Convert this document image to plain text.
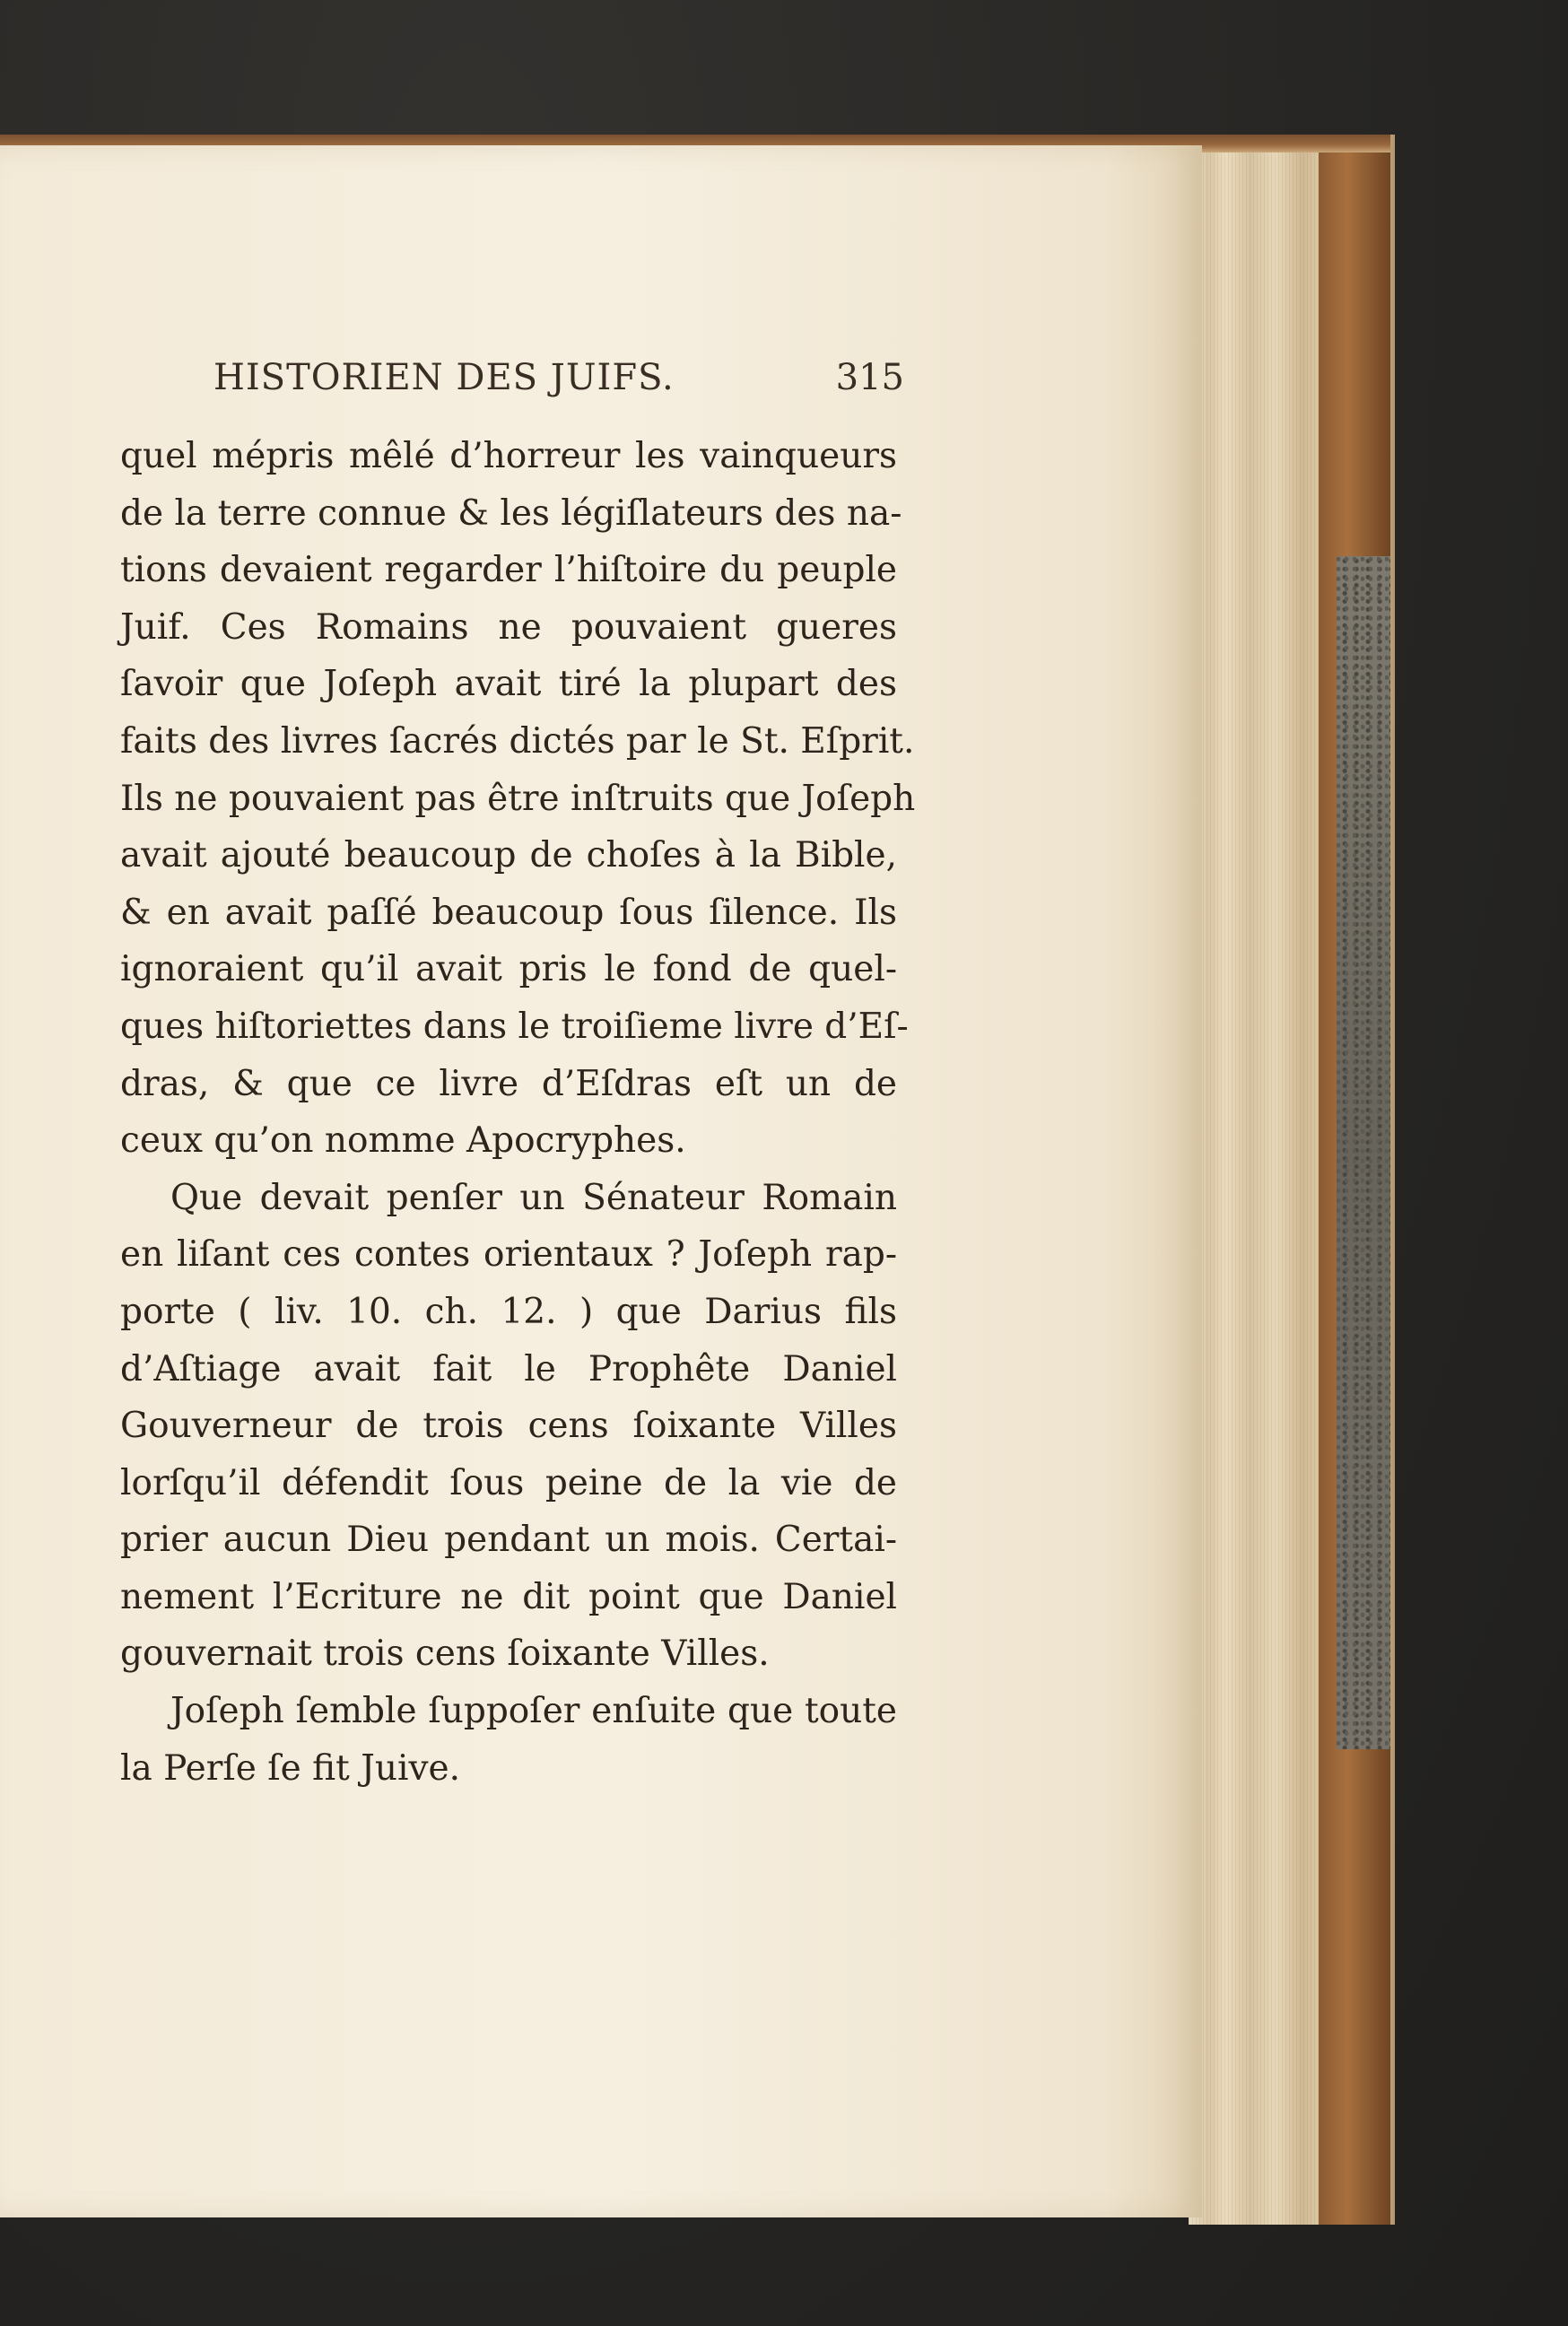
HISTORIEN DES JUIFS.	315
quel mépris mêlé d’horreur les vainqueurs
de la terre connue & les légiſlateurs des na-
tions devaient regarder l’hiſtoire du peuple
Juif. Ces Romains ne pouvaient gueres
ſavoir que Joſeph avait tiré la plupart des
faits des livres ſacrés dictés par le St. Eſprit.
Ils ne pouvaient pas être inſtruits que Joſeph
avait ajouté beaucoup de choſes à la Bible,
& en avait paſſé beaucoup ſous ſilence. Ils
ignoraient qu’il avait pris le fond de quel-
ques hiſtoriettes dans le troiſieme livre d’Eſ-
dras, & que ce livre d’Eſdras eſt un de
ceux qu’on nomme Apocryphes.
Que devait penſer un Sénateur Romain
en liſant ces contes orientaux ? Joſeph rap-
porte ( liv. 10. ch. 12. ) que Darius fils
d’Aſtiage avait fait le Prophête Daniel
Gouverneur de trois cens ſoixante Villes
lorſqu’il défendit ſous peine de la vie de
prier aucun Dieu pendant un mois. Certai-
nement l’Ecriture ne dit point que Daniel
gouvernait trois cens ſoixante Villes.
Joſeph ſemble ſuppoſer enſuite que toute
la Perſe ſe fit Juive.
